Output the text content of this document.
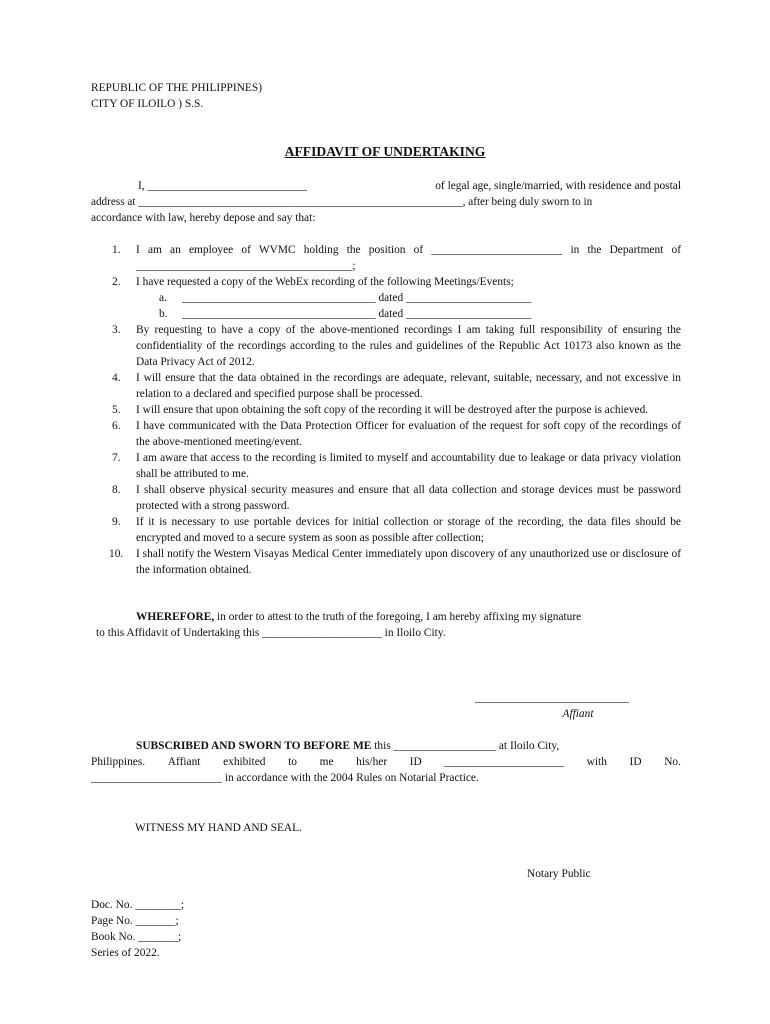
REPUBLIC OF THE PHILIPPINES)
CITY OF ILOILO ) S.S.
AFFIDAVIT OF UNDERTAKING
I, ____________________________	of legal age, single/married, with residence and postal
address at __________________________________________________________, after being duly sworn to in
accordance with law, hereby depose and say that:
1.	I am an employee of WVMC holding the position of _______________________ in the Department of ______________________________________;
2.	I have requested a copy of the WebEx recording of the following Meetings/Events;
a.	__________________________________ dated ______________________
b.	__________________________________ dated ______________________
3.	By requesting to have a copy of the above-mentioned recordings I am taking full responsibility of ensuring the confidentiality of the recordings according to the rules and guidelines of the Republic Act 10173 also known as the Data Privacy Act of 2012.
4.	I will ensure that the data obtained in the recordings are adequate, relevant, suitable, necessary, and not excessive in relation to a declared and specified purpose shall be processed.
5.	I will ensure that upon obtaining the soft copy of the recording it will be destroyed after the purpose is achieved.
6.	I have communicated with the Data Protection Officer for evaluation of the request for soft copy of the recordings of the above-mentioned meeting/event.
7.	I am aware that access to the recording is limited to myself and accountability due to leakage or data privacy violation shall be attributed to me.
8.	I shall observe physical security measures and ensure that all data collection and storage devices must be password protected with a strong password.
9.	If it is necessary to use portable devices for initial collection or storage of the recording, the data files should be encrypted and moved to a secure system as soon as possible after collection;
10.	I shall notify the Western Visayas Medical Center immediately upon discovery of any unauthorized use or disclosure of the information obtained.

WHEREFORE, in order to attest to the truth of the foregoing, I am hereby affixing my signature

to this Affidavit of Undertaking this _____________________ in Iloilo City.

___________________________
Affiant
SUBSCRIBED AND SWORN TO BEFORE ME this __________________ at Iloilo City,
Philippines. Affiant exhibited to me his/her ID _____________________ with ID No.
_______________________ in accordance with the 2004 Rules on Notarial Practice.
WITNESS MY HAND AND SEAL.
Notary Public
Doc. No. ________;
Page No. _______;
Book No. _______;
Series of 2022.
